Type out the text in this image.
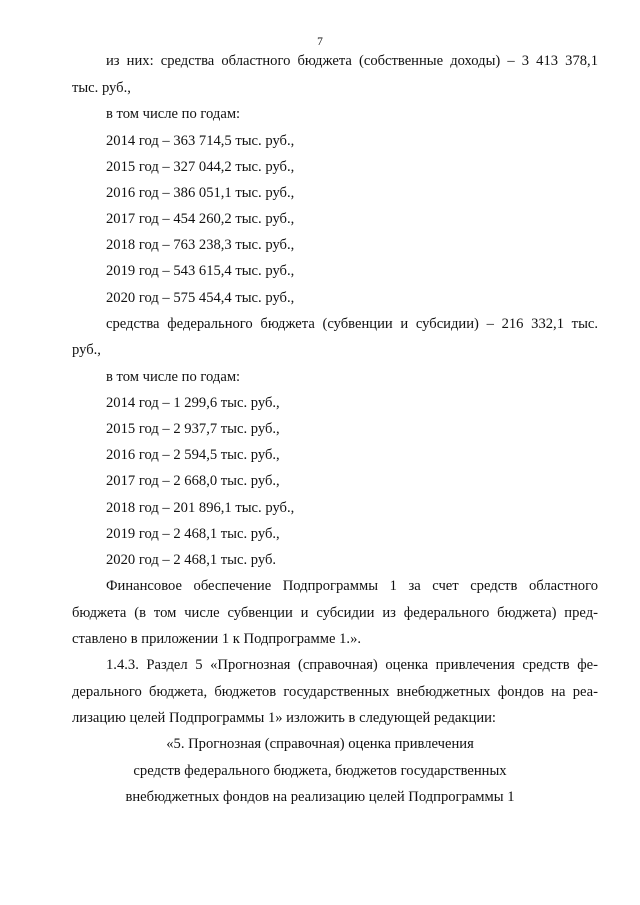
7
из них: средства областного бюджета (собственные доходы) – 3 413 378,1
тыс. руб.,
в том числе по годам:
2014 год – 363 714,5 тыс. руб.,
2015 год – 327 044,2 тыс. руб.,
2016 год – 386 051,1 тыс. руб.,
2017 год – 454 260,2 тыс. руб.,
2018 год – 763 238,3 тыс. руб.,
2019 год – 543 615,4 тыс. руб.,
2020 год – 575 454,4 тыс. руб.,
средства федерального бюджета (субвенции и субсидии) – 216 332,1 тыс.
руб.,
в том числе по годам:
2014 год – 1 299,6 тыс. руб.,
2015 год – 2 937,7 тыс. руб.,
2016 год – 2 594,5 тыс. руб.,
2017 год – 2 668,0 тыс. руб.,
2018 год – 201 896,1 тыс. руб.,
2019 год – 2 468,1 тыс. руб.,
2020 год – 2 468,1 тыс. руб.
Финансовое обеспечение Подпрограммы 1 за счет средств областного
бюджета (в том числе субвенции и субсидии из федерального бюджета) пред-
ставлено в приложении 1 к Подпрограмме 1.».
1.4.3. Раздел 5 «Прогнозная (справочная) оценка привлечения средств фе-
дерального бюджета, бюджетов государственных внебюджетных фондов на реа-
лизацию целей Подпрограммы 1» изложить в следующей редакции:
«5. Прогнозная (справочная) оценка привлечения
средств федерального бюджета, бюджетов государственных
внебюджетных фондов на реализацию целей Подпрограммы 1
